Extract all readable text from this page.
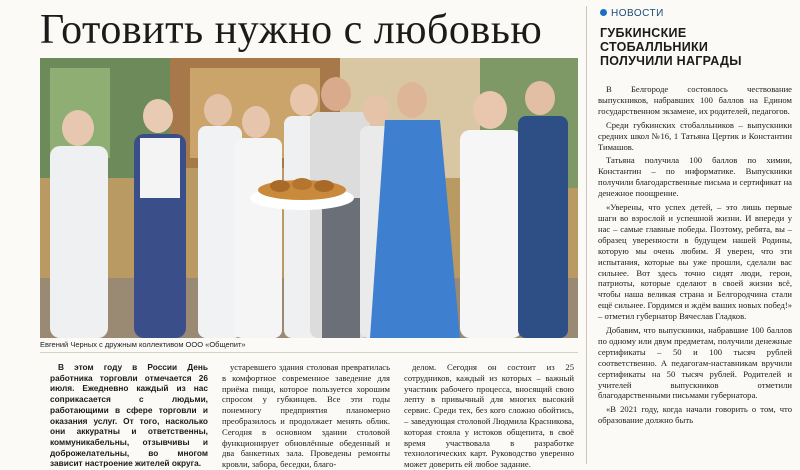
Готовить нужно с любовью
Евгений Черных с дружным коллективом ООО «Общепит»

В этом году в России День работника торговли отмечается 26 июля. Ежедневно каждый из нас соприкасается с людьми, работающими в сфере торговли и оказания услуг. От того, насколько они аккуратны и ответственны, коммуникабельны, отзывчивы и доброжелательны, во многом зависит настроение жителей округа.

устаревшего здания столовая превратилась в комфортное современное заведение для приёма пищи, которое пользуется хорошим спросом у губкинцев. Все эти годы понемногу предприятия планомерно преобразилось и продолжает менять облик. Сегодня в основном здании столовой функционирует обновлённые обеденный и два банкетных зала. Проведены ремонты кровли, забора, беседки, благо-

делом. Сегодня он состоит из 25 сотрудников, каждый из которых – важный участник рабочего процесса, вносящий свою лепту в привычный для многих высокий сервис. Среди тех, без кого сложно обойтись, – заведующая столовой Людмила Красникова, которая стояла у истоков общепита, в своё время участвовала в разработке технологических карт. Руководство уверенно может доверить ей любое задание.

НОВОСТИ
ГУБКИНСКИЕ СТОБАЛЛЬНИКИ ПОЛУЧИЛИ НАГРАДЫ

В Белгороде состоялось чествование выпускников, набравших 100 баллов на Едином государственном экзамене, их родителей, педагогов.

Среди губкинских стобалльников – выпускники средних школ №16, 1 Татьяна Цертик и Константин Тимашов.

Татьяна получила 100 баллов по химии, Константин – по информатике. Выпускники получили благодарственные письма и сертификат на денежное поощрение.

«Уверены, что успех детей, – это лишь первые шаги во взрослой и успешной жизни. И впереди у нас – самые главные победы. Поэтому, ребята, вы – образец уверенности в будущем нашей Родины, которую мы очень любим. Я уверен, что эти испытания, которые вы уже прошли, сделали вас сильнее. Вот здесь точно сидят люди, герои, патриоты, которые сделают в своей жизни всё, чтобы наша великая страна и Белгородчина стали ещё сильнее. Гордимся и ждём ваших новых побед!» – отметил губернатор Вячеслав Гладков.

Добавим, что выпускники, набравшие 100 баллов по одному или двум предметам, получили денежные сертификаты – 50 и 100 тысяч рублей соответственно. А педагогам-наставникам вручили сертификаты на 50 тысяч рублей. Родителей и учителей выпускников отметили благодарственными письмами губернатора.

«В 2021 году, когда начали говорить о том, что образование должно быть
